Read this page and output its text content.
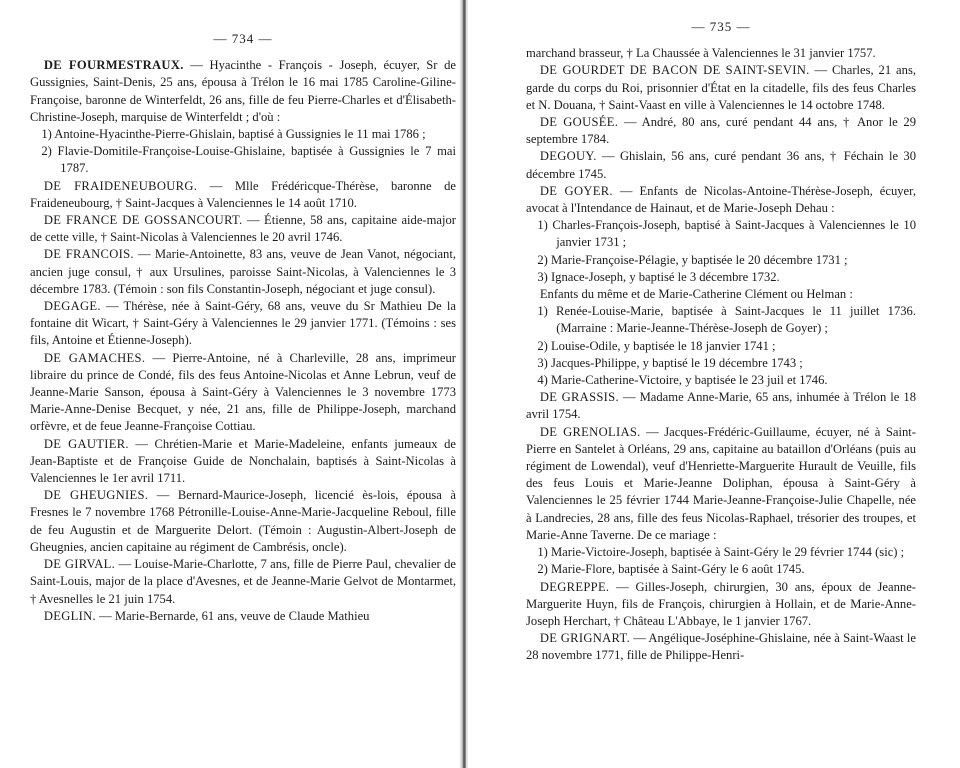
— 734 —

DE FOURMESTRAUX. — Hyacinthe - François - Joseph, écuyer, Sr de Gussignies, Saint-Denis, 25 ans, épousa à Trélon le 16 mai 1785 Caroline-Giline-Françoise, baronne de Winterfeldt, 26 ans, fille de feu Pierre-Charles et d'Élisabeth-Christine-Joseph, marquise de Winterfeldt ; d'où :

1) Antoine-Hyacinthe-Pierre-Ghislain, baptisé à Gussignies le 11 mai 1786 ;

2) Flavie-Domitile-Françoise-Louise-Ghislaine, baptisée à Gussignies le 7 mai 1787.

DE FRAIDENEUBOURG. — Mlle Frédéricque-Thérèse, baronne de Fraideneubourg, † Saint-Jacques à Valenciennes le 14 août 1710.

DE FRANCE DE GOSSANCOURT. — Étienne, 58 ans, capitaine aide-major de cette ville, † Saint-Nicolas à Valenciennes le 20 avril 1746.

DE FRANCOIS. — Marie-Antoinette, 83 ans, veuve de Jean Vanot, négociant, ancien juge consul, † aux Ursulines, paroisse Saint-Nicolas, à Valenciennes le 3 décembre 1783. (Témoin : son fils Constantin-Joseph, négociant et juge consul).

DEGAGE. — Thérèse, née à Saint-Géry, 68 ans, veuve du Sr Mathieu De la fontaine dit Wicart, † Saint-Géry à Valenciennes le 29 janvier 1771. (Témoins : ses fils, Antoine et Étienne-Joseph).

DE GAMACHES. — Pierre-Antoine, né à Charleville, 28 ans, imprimeur libraire du prince de Condé, fils des feus Antoine-Nicolas et Anne Lebrun, veuf de Jeanne-Marie Sanson, épousa à Saint-Géry à Valenciennes le 3 novembre 1773 Marie-Anne-Denise Becquet, y née, 21 ans, fille de Philippe-Joseph, marchand orfèvre, et de feue Jeanne-Françoise Cottiau.

DE GAUTIER. — Chrétien-Marie et Marie-Madeleine, enfants jumeaux de Jean-Baptiste et de Françoise Guide de Nonchalain, baptisés à Saint-Nicolas à Valenciennes le 1er avril 1711.

DE GHEUGNIES. — Bernard-Maurice-Joseph, licencié ès-lois, épousa à Fresnes le 7 novembre 1768 Pétronille-Louise-Anne-Marie-Jacqueline Reboul, fille de feu Augustin et de Marguerite Delort. (Témoin : Augustin-Albert-Joseph de Gheugnies, ancien capitaine au régiment de Cambrésis, oncle).

DE GIRVAL. — Louise-Marie-Charlotte, 7 ans, fille de Pierre Paul, chevalier de Saint-Louis, major de la place d'Avesnes, et de Jeanne-Marie Gelvot de Montarmet, † Avesnelles le 21 juin 1754.

DEGLIN. — Marie-Bernarde, 61 ans, veuve de Claude Mathieu

— 735 —

marchand brasseur, † La Chaussée à Valenciennes le 31 janvier 1757.

DE GOURDET DE BACON DE SAINT-SEVIN. — Charles, 21 ans, garde du corps du Roi, prisonnier d'État en la citadelle, fils des feus Charles et N. Douana, † Saint-Vaast en ville à Valenciennes le 14 octobre 1748.

DE GOUSÉE. — André, 80 ans, curé pendant 44 ans, † Anor le 29 septembre 1784.

DEGOUY. — Ghislain, 56 ans, curé pendant 36 ans, † Féchain le 30 décembre 1745.

DE GOYER. — Enfants de Nicolas-Antoine-Thérèse-Joseph, écuyer, avocat à l'Intendance de Hainaut, et de Marie-Joseph Dehau :

1) Charles-François-Joseph, baptisé à Saint-Jacques à Valenciennes le 10 janvier 1731 ;

2) Marie-Françoise-Pélagie, y baptisée le 20 décembre 1731 ;

3) Ignace-Joseph, y baptisé le 3 décembre 1732.

Enfants du même et de Marie-Catherine Clément ou Helman :

1) Renée-Louise-Marie, baptisée à Saint-Jacques le 11 juillet 1736. (Marraine : Marie-Jeanne-Thérèse-Joseph de Goyer) ;

2) Louise-Odile, y baptisée le 18 janvier 1741 ;

3) Jacques-Philippe, y baptisé le 19 décembre 1743 ;

4) Marie-Catherine-Victoire, y baptisée le 23 juil et 1746.

DE GRASSIS. — Madame Anne-Marie, 65 ans, inhumée à Trélon le 18 avril 1754.

DE GRENOLIAS. — Jacques-Frédéric-Guillaume, écuyer, né à Saint-Pierre en Santelet à Orléans, 29 ans, capitaine au bataillon d'Orléans (puis au régiment de Lowendal), veuf d'Henriette-Marguerite Hurault de Veuille, fils des feus Louis et Marie-Jeanne Doliphan, épousa à Saint-Géry à Valenciennes le 25 février 1744 Marie-Jeanne-Françoise-Julie Chapelle, née à Landrecies, 28 ans, fille des feus Nicolas-Raphael, trésorier des troupes, et Marie-Anne Taverne. De ce mariage :

1) Marie-Victoire-Joseph, baptisée à Saint-Géry le 29 février 1744 (sic) ;

2) Marie-Flore, baptisée à Saint-Géry le 6 août 1745.

DEGREPPE. — Gilles-Joseph, chirurgien, 30 ans, époux de Jeanne-Marguerite Huyn, fils de François, chirurgien à Hollain, et de Marie-Anne-Joseph Herchart, † Château L'Abbaye, le 1 janvier 1767.

DE GRIGNART. — Angélique-Joséphine-Ghislaine, née à Saint-Waast le 28 novembre 1771, fille de Philippe-Henri-
